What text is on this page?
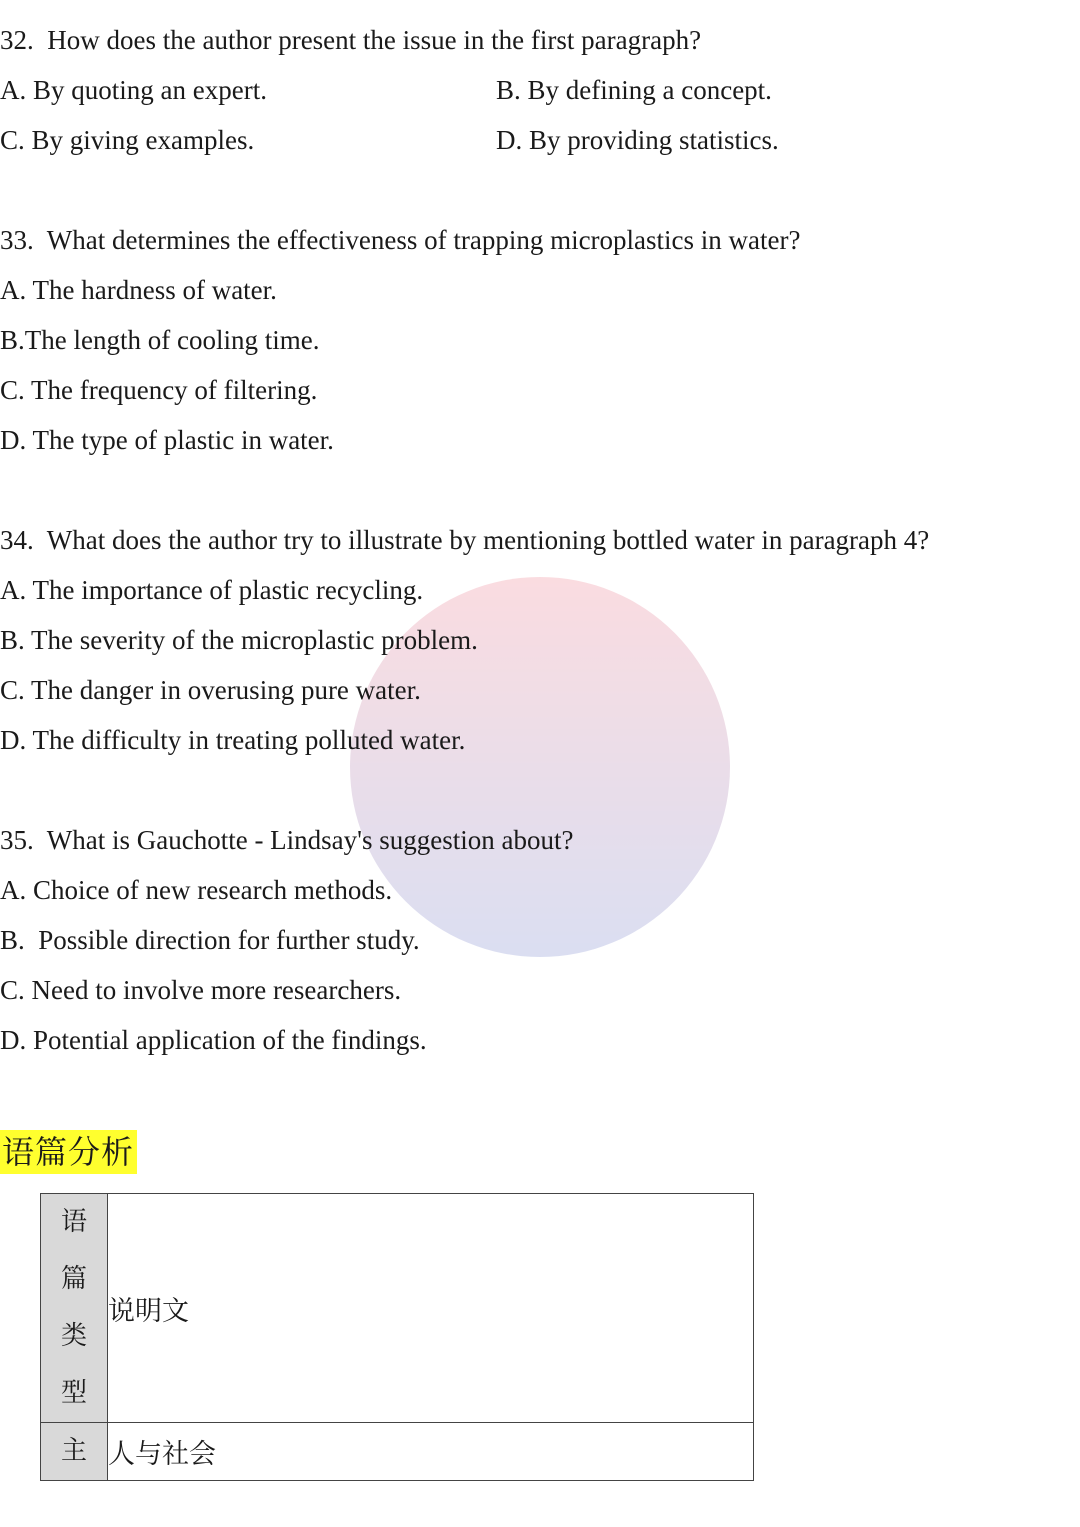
32.  How does the author present the issue in the first paragraph?
A. By quoting an expert.	B. By defining a concept.
C. By giving examples.	D. By providing statistics.
33.  What determines the effectiveness of trapping microplastics in water?
A. The hardness of water.
B.The length of cooling time.
C. The frequency of filtering.
D. The type of plastic in water.
34.  What does the author try to illustrate by mentioning bottled water in paragraph 4?
A. The importance of plastic recycling.
B. The severity of the microplastic problem.
C. The danger in overusing pure water.
D. The difficulty in treating polluted water.
35.  What is Gauchotte - Lindsay's suggestion about?
A. Choice of new research methods.
B.  Possible direction for further study.
C. Need to involve more researchers.
D. Potential application of the findings.
语篇分析
语
篇
类
型	说明文

主	人与社会
